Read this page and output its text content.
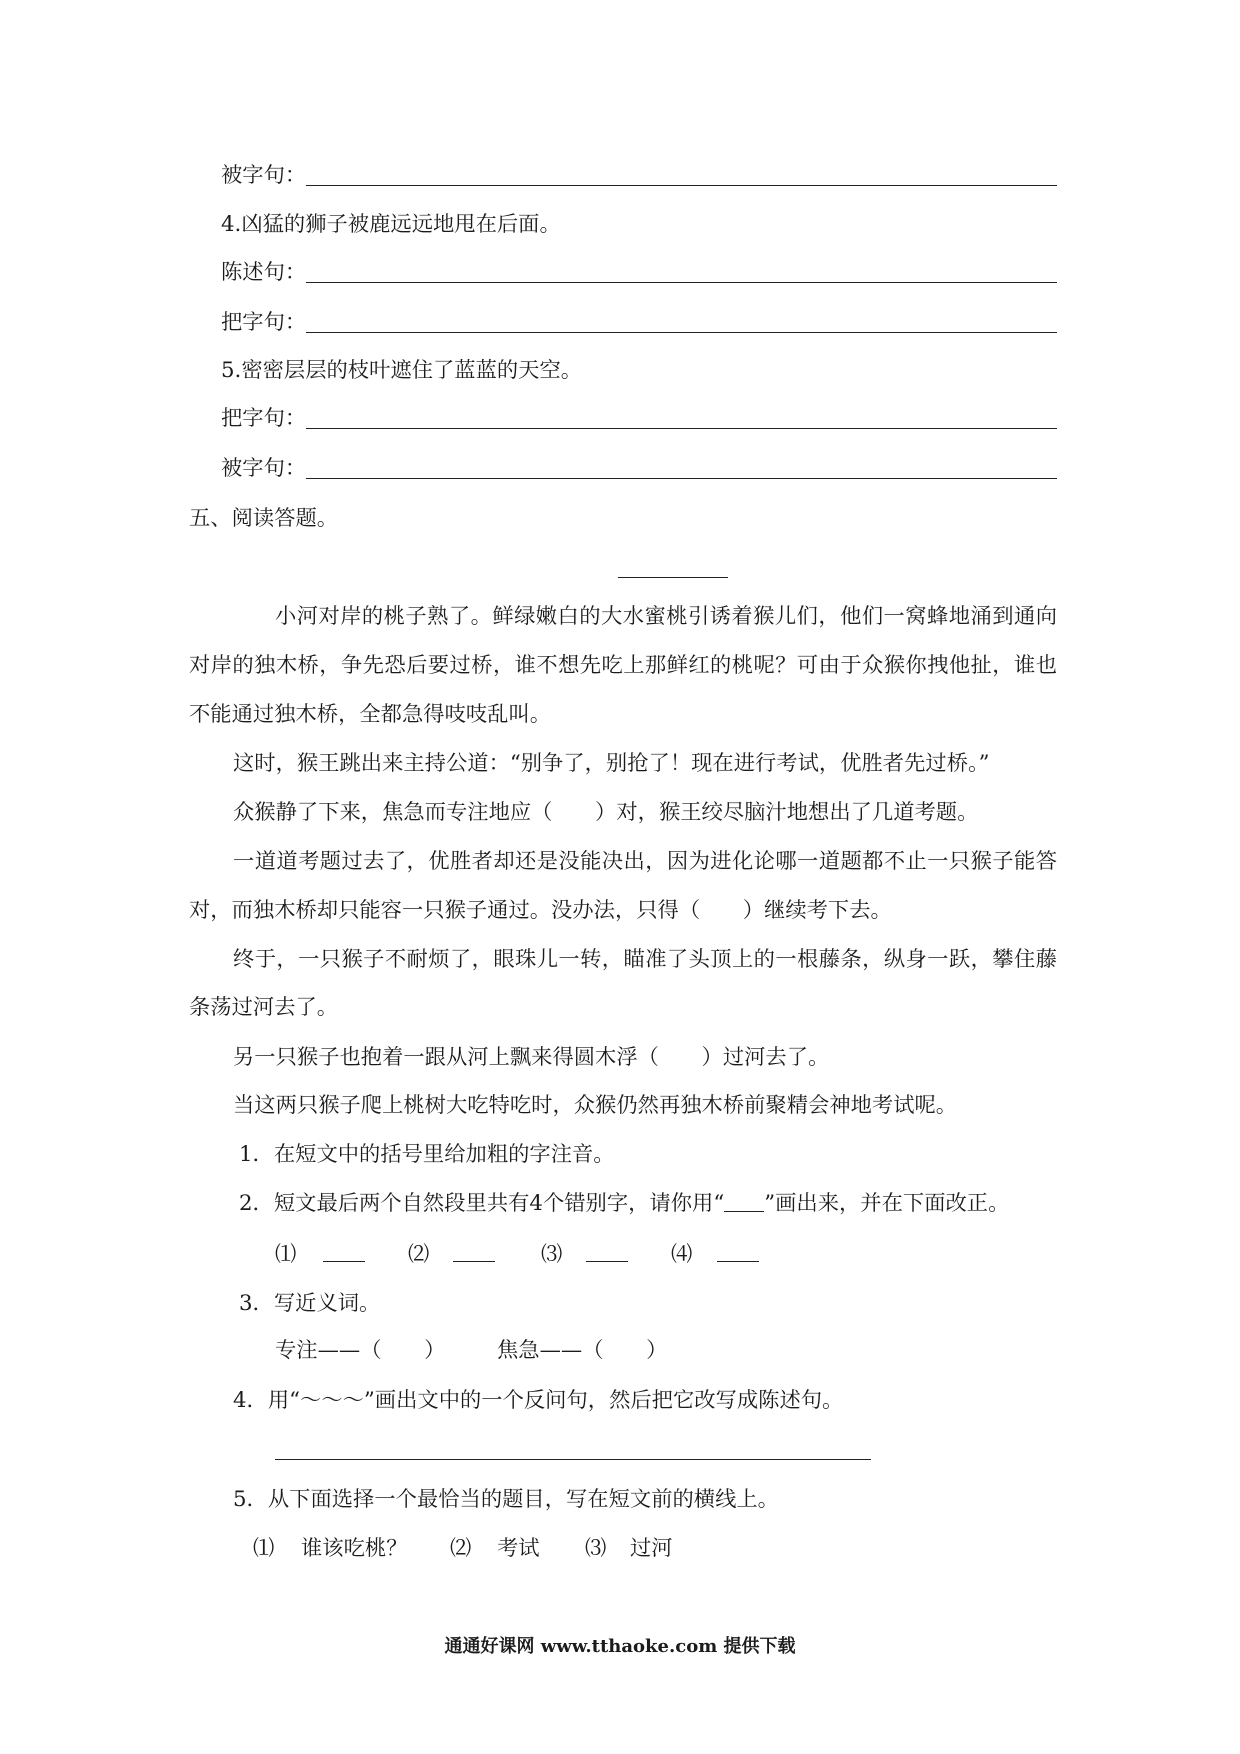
被字句：
4.凶猛的狮子被鹿远远地甩在后面。
陈述句：
把字句：
5.密密层层的枝叶遮住了蓝蓝的天空。
把字句：
被字句：
五、阅读答题。
小河对岸的桃子熟了。鲜绿嫩白的大水蜜桃引诱着猴儿们，他们一窝蜂地涌到通向
对岸的独木桥，争先恐后要过桥，谁不想先吃上那鲜红的桃呢？可由于众猴你拽他扯，谁也
不能通过独木桥，全都急得吱吱乱叫。
这时，猴王跳出来主持公道：“别争了，别抢了！现在进行考试，优胜者先过桥。”
众猴静了下来，焦急而专注地应（　　）对，猴王绞尽脑汁地想出了几道考题。
一道道考题过去了，优胜者却还是没能决出，因为进化论哪一道题都不止一只猴子能答
对，而独木桥却只能容一只猴子通过。没办法，只得（　　）继续考下去。
终于，一只猴子不耐烦了，眼珠儿一转，瞄准了头顶上的一根藤条，纵身一跃，攀住藤
条荡过河去了。
另一只猴子也抱着一跟从河上飘来得圆木浮（　　）过河去了。
当这两只猴子爬上桃树大吃特吃时，众猴仍然再独木桥前聚精会神地考试呢。
1．在短文中的括号里给加粗的字注音。
2．短文最后两个自然段里共有4个错别字，请你用“ ”画出来，并在下面改正。
⑴	⑵	⑶	⑷
3．写近义词。
专注——（　　） 焦急——（　　）
4．用“～～～”画出文中的一个反问句，然后把它改写成陈述句。
5．从下面选择一个最恰当的题目，写在短文前的横线上。
⑴ 谁该吃桃？ ⑵ 考试 ⑶ 过河
通通好课网 www.tthaoke.com 提供下载
